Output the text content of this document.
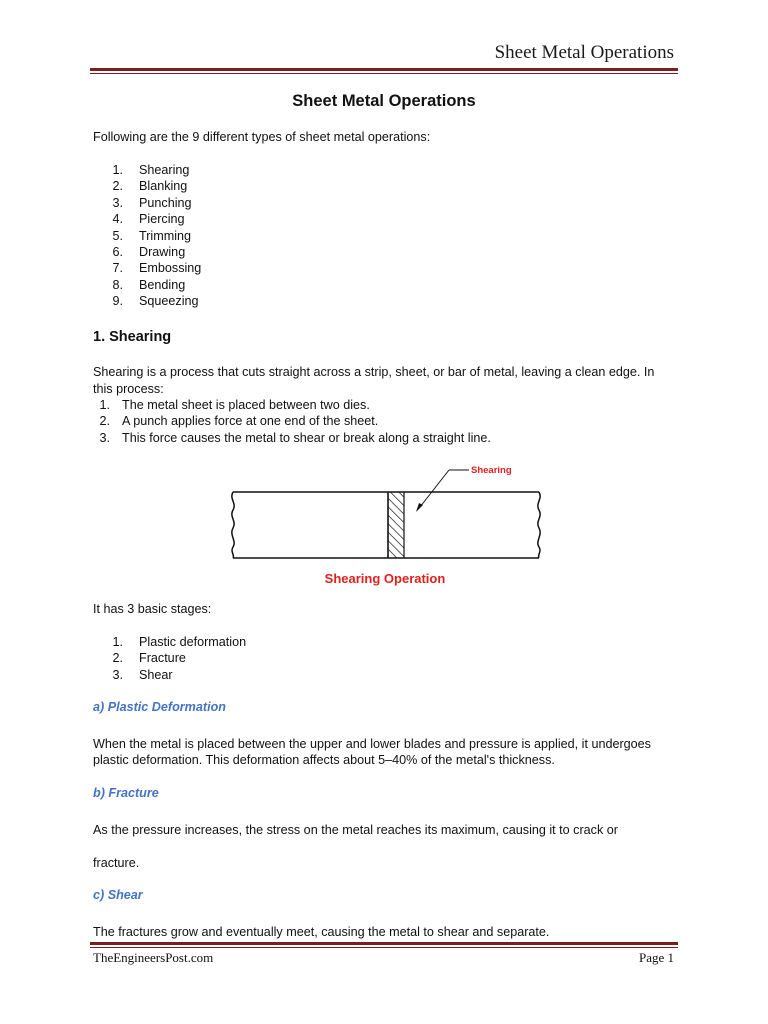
Sheet Metal Operations
Sheet Metal Operations
Following are the 9 different types of sheet metal operations:
1. Shearing
2. Blanking
3. Punching
4. Piercing
5. Trimming
6. Drawing
7. Embossing
8. Bending
9. Squeezing
1. Shearing
Shearing is a process that cuts straight across a strip, sheet, or bar of metal, leaving a clean edge. In
this process:
1. The metal sheet is placed between two dies.
2. A punch applies force at one end of the sheet.
3. This force causes the metal to shear or break along a straight line.
Shearing
Shearing Operation
It has 3 basic stages:
1. Plastic deformation
2. Fracture
3. Shear
a) Plastic Deformation
When the metal is placed between the upper and lower blades and pressure is applied, it undergoes
plastic deformation. This deformation affects about 5–40% of the metal's thickness.
b) Fracture
As the pressure increases, the stress on the metal reaches its maximum, causing it to crack or
fracture.
c) Shear
The fractures grow and eventually meet, causing the metal to shear and separate.
TheEngineersPost.com	Page 1
